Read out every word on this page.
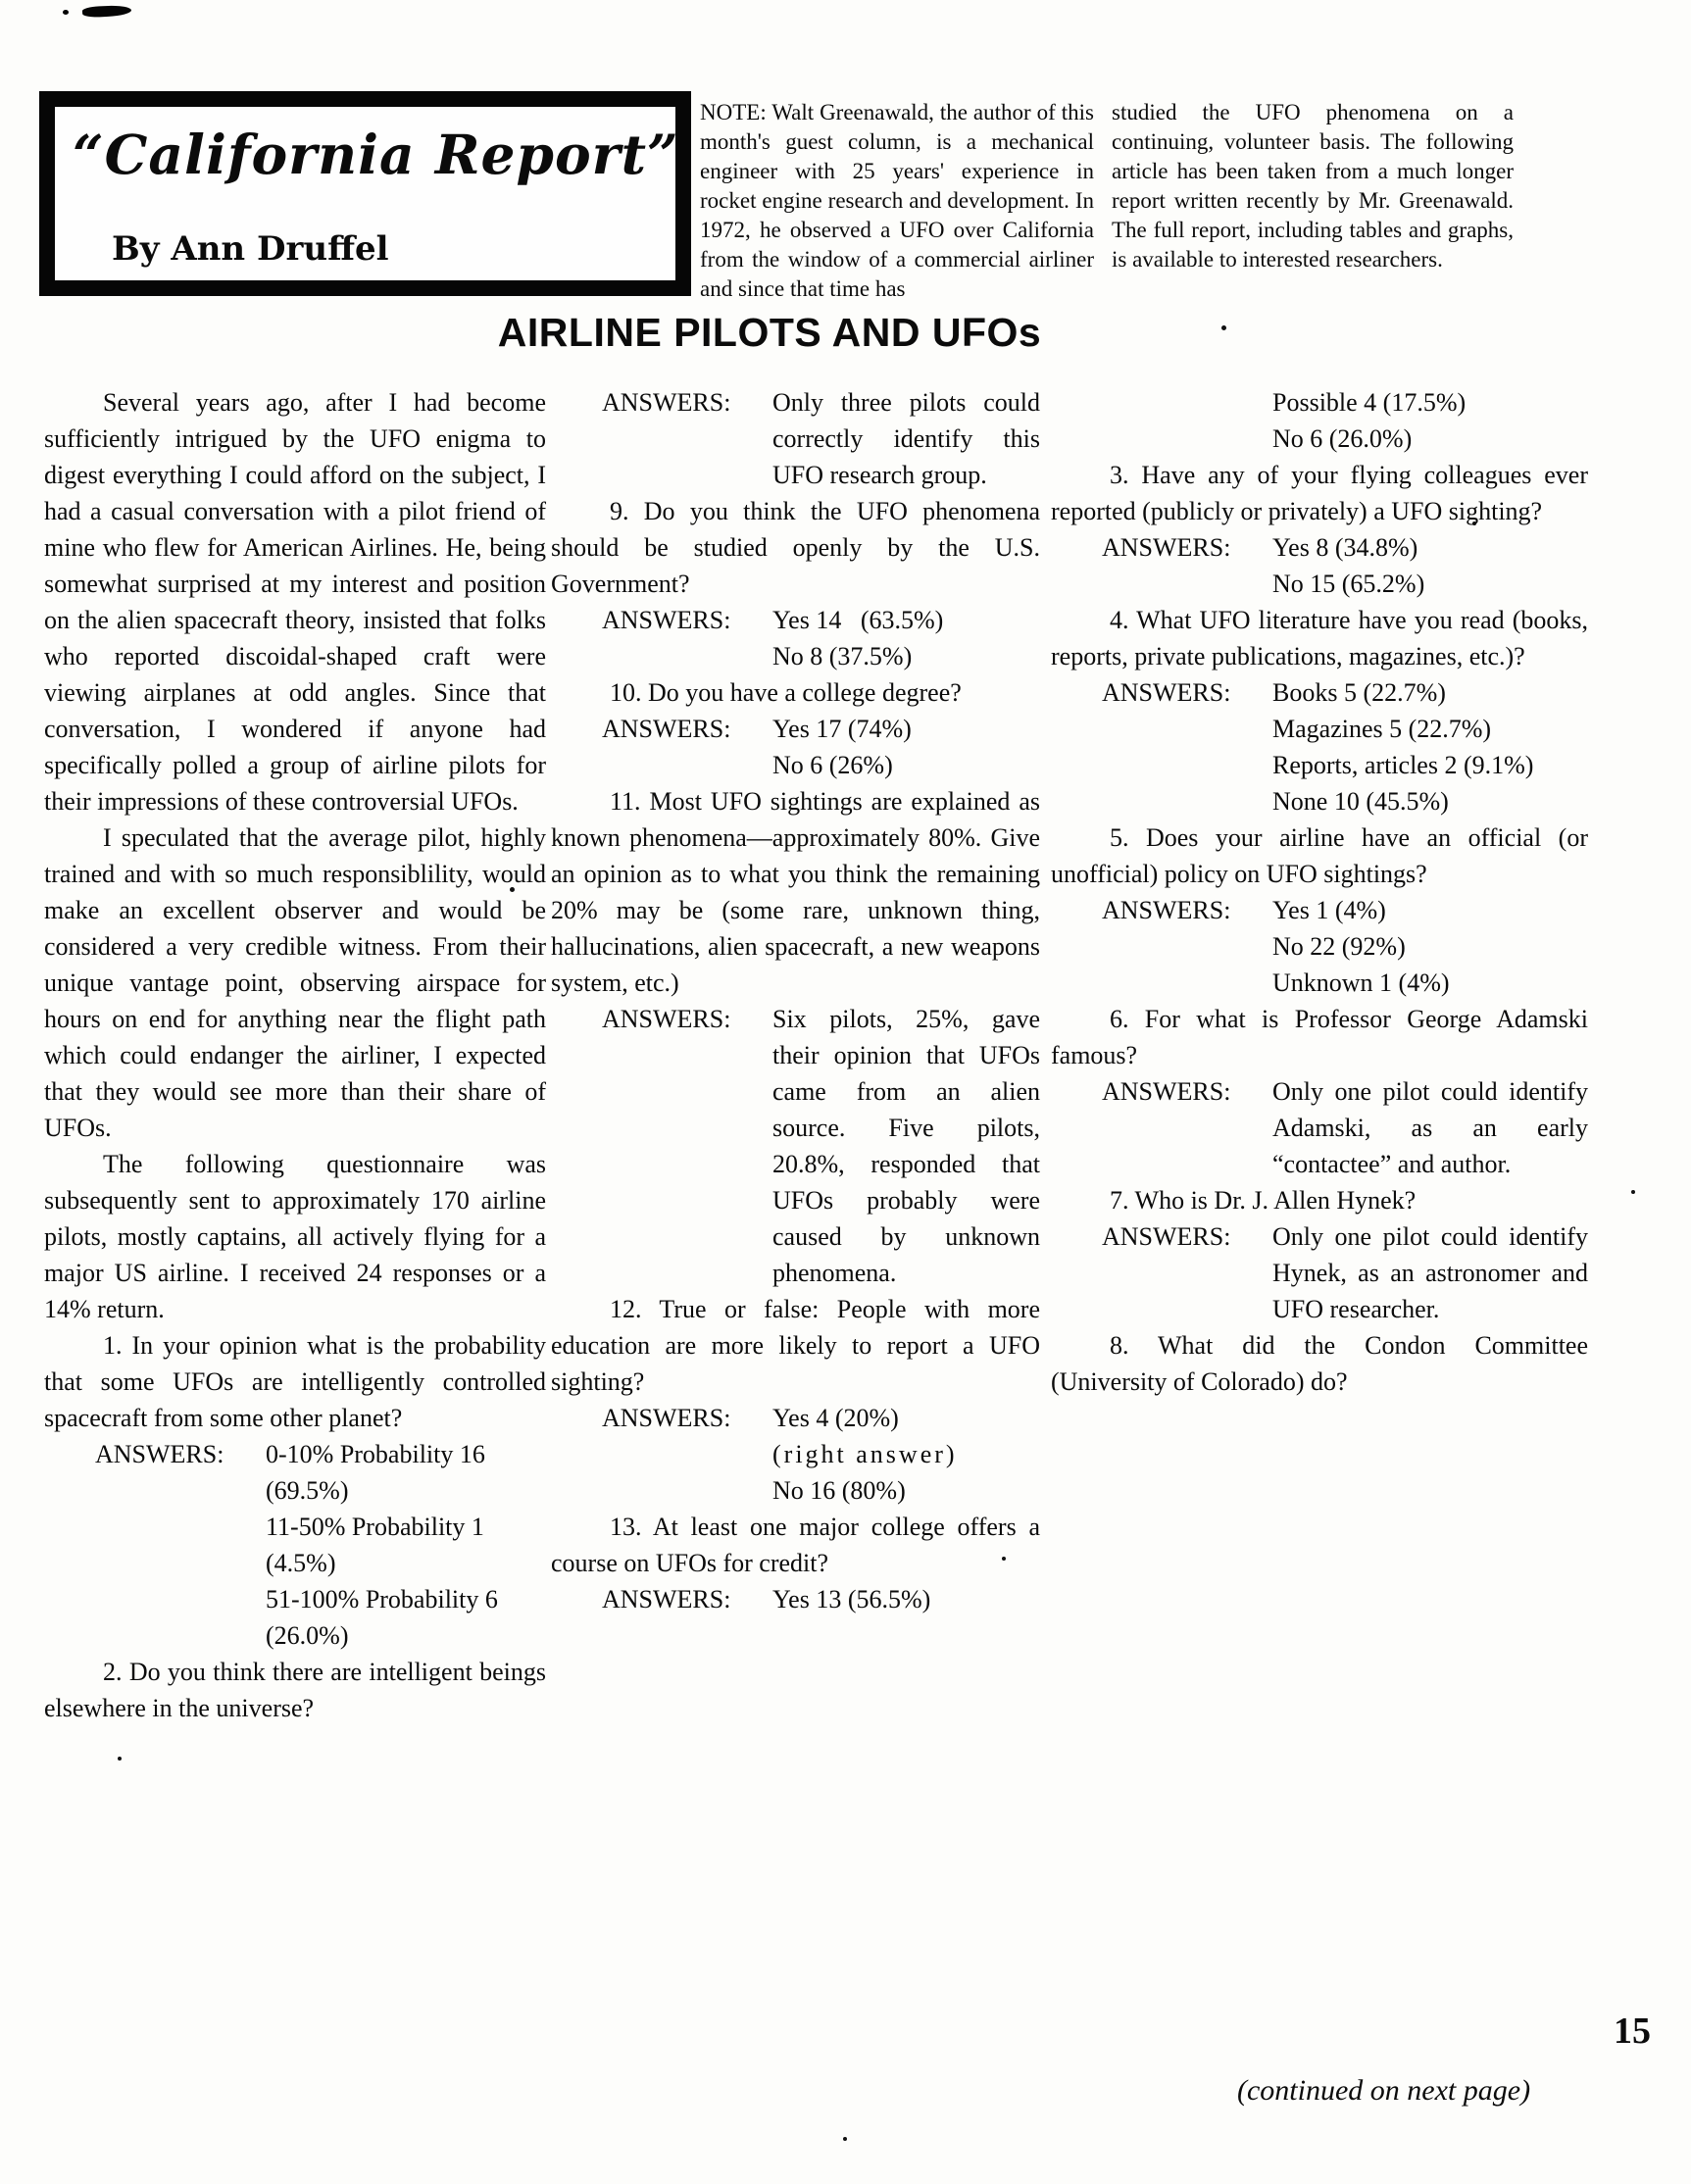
“California Report”
By Ann Druffel
NOTE: Walt Greenawald, the author of this month's guest column, is a mechanical engineer with 25 years' experience in rocket engine research and development. In 1972, he observed a UFO over California from the window of a commercial airliner and since that time has
studied the UFO phenomena on a continuing, volunteer basis. The following article has been taken from a much longer report written recently by Mr. Greenawald. The full report, including tables and graphs, is available to interested researchers.
AIRLINE PILOTS AND UFOs

Several years ago, after I had become sufficiently intrigued by the UFO enigma to digest everything I could afford on the subject, I had a casual conversation with a pilot friend of mine who flew for American Airlines. He, being somewhat surprised at my interest and position on the alien spacecraft theory, insisted that folks who reported discoidal-shaped craft were viewing airplanes at odd angles. Since that conversation, I wondered if anyone had specifically polled a group of airline pilots for their impressions of these controversial UFOs.

I speculated that the average pilot, highly trained and with so much responsiblility, would make an excellent observer and would be considered a very credible witness. From their unique vantage point, observing airspace for hours on end for anything near the flight path which could endanger the airliner, I expected that they would see more than their share of UFOs.

The following questionnaire was subsequently sent to approximately 170 airline pilots, mostly captains, all actively flying for a major US airline. I received 24 responses or a 14% return.

1. In your opinion what is the probability that some UFOs are intelligently controlled spacecraft from some other planet?

ANSWERS:	0-10% Probability 16 (69.5%)
11-50% Probability 1 (4.5%)
51-100% Probability 6 (26.0%)

2. Do you think there are intelligent beings elsewhere in the universe?

ANSWERS:	Only three pilots could correctly identify this UFO research group.

9. Do you think the UFO phenomena should be studied openly by the U.S. Government?

ANSWERS:	Yes 14   (63.5%)
No 8 (37.5%)

10. Do you have a college degree?

ANSWERS:	Yes 17 (74%)
No 6 (26%)

11. Most UFO sightings are explained as known phenomena—approximately 80%. Give an opinion as to what you think the remaining 20% may be (some rare, unknown thing, hallucinations, alien spacecraft, a new weapons system, etc.)

ANSWERS:	Six pilots, 25%, gave their opinion that UFOs came from an alien source. Five pilots, 20.8%, responded that UFOs probably were caused by unknown phenomena.

12. True or false: People with more education are more likely to report a UFO sighting?

ANSWERS:	Yes 4 (20%)
(right answer)
No 16 (80%)

13. At least one major college offers a course on UFOs for credit?

ANSWERS:	Yes 13 (56.5%)
Possible 4 (17.5%)
No 6 (26.0%)

3. Have any of your flying colleagues ever reported (publicly or privately) a UFO sighting?

ANSWERS:	Yes 8 (34.8%)
No 15 (65.2%)

4. What UFO literature have you read (books, reports, private publications, magazines, etc.)?

ANSWERS:	Books 5 (22.7%)
Magazines 5 (22.7%)
Reports, articles 2 (9.1%)
None 10 (45.5%)

5. Does your airline have an official (or unofficial) policy on UFO sightings?

ANSWERS:	Yes 1 (4%)
No 22 (92%)
Unknown 1 (4%)

6. For what is Professor George Adamski famous?

ANSWERS:	Only one pilot could identify Adamski, as an early “contactee” and author.

7. Who is Dr. J. Allen Hynek?

ANSWERS:	Only one pilot could identify Hynek, as an astronomer and UFO researcher.

8. What did the Condon Committee (University of Colorado) do?

(continued on next page)
15
